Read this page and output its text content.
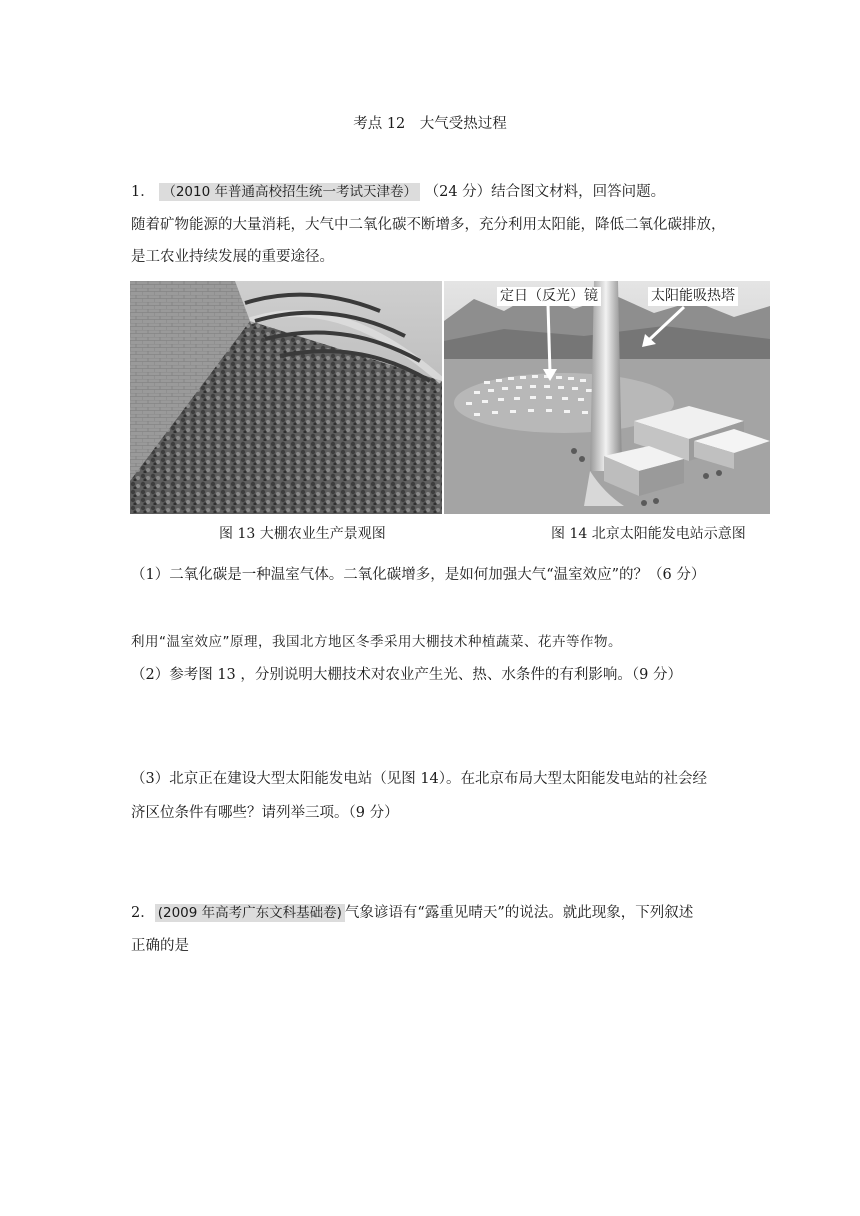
考点 12　大气受热过程
1． （2010 年普通高校招生统一考试天津卷） （24 分）结合图文材料，回答问题。
随着矿物能源的大量消耗，大气中二氧化碳不断增多，充分利用太阳能，降低二氧化碳排放，
是工农业持续发展的重要途径。
定日（反光）镜	太阳能吸热塔
图 13 大棚农业生产景观图	图 14 北京太阳能发电站示意图
（1）二氧化碳是一种温室气体。二氧化碳增多，是如何加强大气“温室效应”的？（6 分）
利用“温室效应”原理，我国北方地区冬季采用大棚技术种植蔬菜、花卉等作物。
（2）参考图 13 ，分别说明大棚技术对农业产生光、热、水条件的有利影响。（9 分）
（3）北京正在建设大型太阳能发电站（见图 14）。在北京布局大型太阳能发电站的社会经
济区位条件有哪些？请列举三项。（9 分）
2． (2009 年高考广东文科基础卷) 气象谚语有“露重见晴天”的说法。就此现象，下列叙述
正确的是
